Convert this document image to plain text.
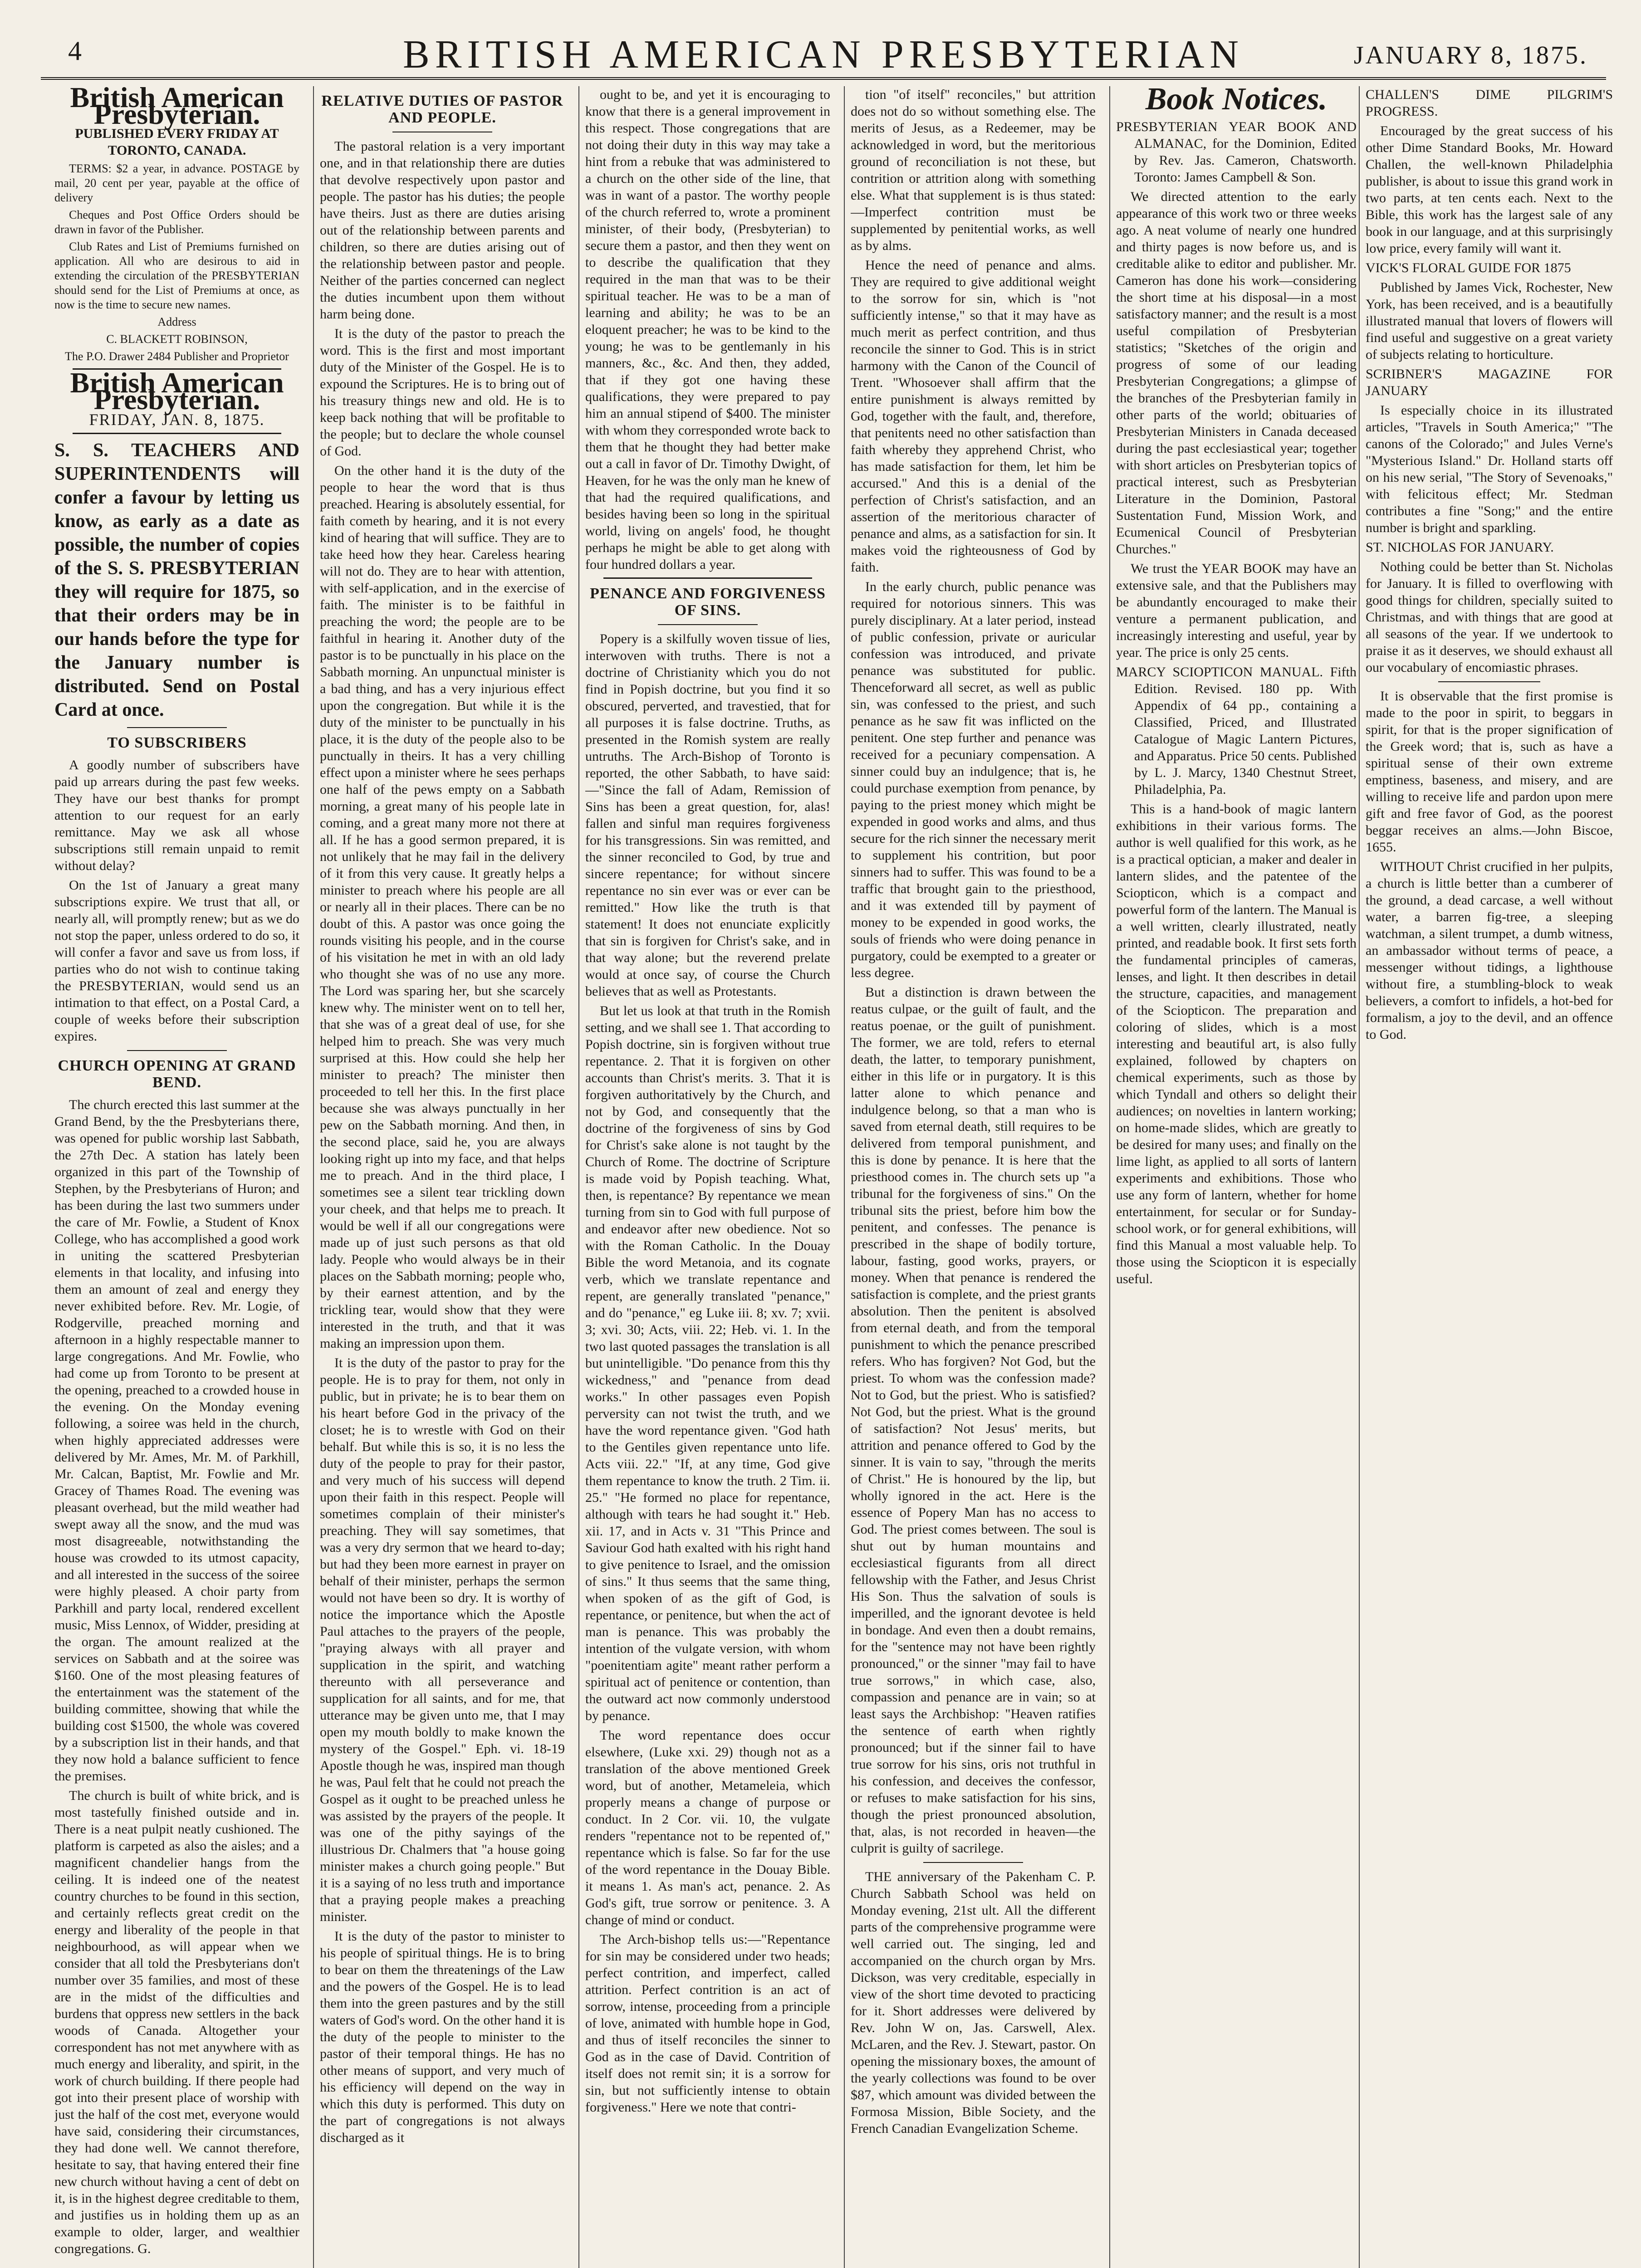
4	BRITISH AMERICAN PRESBYTERIAN	JANUARY 8, 1875.
British American Presbyterian.

PUBLISHED EVERY FRIDAY AT TORONTO, CANADA.

TERMS: $2 a year, in advance. POSTAGE by mail, 20 cent per year, payable at the office of delivery

Cheques and Post Office Orders should be drawn in favor of the Publisher.

Club Rates and List of Premiums furnished on application. All who are desirous to aid in extending the circulation of the PRESBYTERIAN should send for the List of Premiums at once, as now is the time to secure new names.

Address

C. BLACKETT ROBINSON,

The P.O. Drawer 2484 Publisher and Proprietor

British American Presbyterian.
FRIDAY, JAN. 8, 1875.

S. S. TEACHERS AND SUPERINTENDENTS will confer a favour by letting us know, as early as a date as possible, the number of copies of the S. S. PRESBYTERIAN they will require for 1875, so that their orders may be in our hands before the type for the January number is distributed. Send on Postal Card at once.

TO SUBSCRIBERS

A goodly number of subscribers have paid up arrears during the past few weeks. They have our best thanks for prompt attention to our request for an early remittance. May we ask all whose subscriptions still remain unpaid to remit without delay?

On the 1st of January a great many subscriptions expire. We trust that all, or nearly all, will promptly renew; but as we do not stop the paper, unless ordered to do so, it will confer a favor and save us from loss, if parties who do not wish to continue taking the PRESBYTERIAN, would send us an intimation to that effect, on a Postal Card, a couple of weeks before their subscription expires.

CHURCH OPENING AT GRAND BEND.

The church erected this last summer at the Grand Bend, by the the Presbyterians there, was opened for public worship last Sabbath, the 27th Dec. A station has lately been organized in this part of the Township of Stephen, by the Presbyterians of Huron; and has been during the last two summers under the care of Mr. Fowlie, a Student of Knox College, who has accomplished a good work in uniting the scattered Presbyterian elements in that locality, and infusing into them an amount of zeal and energy they never exhibited before. Rev. Mr. Logie, of Rodgerville, preached morning and afternoon in a highly respectable manner to large congregations. And Mr. Fowlie, who had come up from Toronto to be present at the opening, preached to a crowded house in the evening. On the Monday evening following, a soiree was held in the church, when highly appreciated addresses were delivered by Mr. Ames, Mr. M. of Parkhill, Mr. Calcan, Baptist, Mr. Fowlie and Mr. Gracey of Thames Road. The evening was pleasant overhead, but the mild weather had swept away all the snow, and the mud was most disagreeable, notwithstanding the house was crowded to its utmost capacity, and all interested in the success of the soiree were highly pleased. A choir party from Parkhill and party local, rendered excellent music, Miss Lennox, of Widder, presiding at the organ. The amount realized at the services on Sabbath and at the soiree was $160. One of the most pleasing features of the entertainment was the statement of the building committee, showing that while the building cost $1500, the whole was covered by a subscription list in their hands, and that they now hold a balance sufficient to fence the premises.

The church is built of white brick, and is most tastefully finished outside and in. There is a neat pulpit neatly cushioned. The platform is carpeted as also the aisles; and a magnificent chandelier hangs from the ceiling. It is indeed one of the neatest country churches to be found in this section, and certainly reflects great credit on the energy and liberality of the people in that neighbourhood, as will appear when we consider that all told the Presbyterians don't number over 35 families, and most of these are in the midst of the difficulties and burdens that oppress new settlers in the back woods of Canada. Altogether your correspondent has not met anywhere with as much energy and liberality, and spirit, in the work of church building. If there people had got into their present place of worship with just the half of the cost met, everyone would have said, considering their circumstances, they had done well. We cannot therefore, hesitate to say, that having entered their fine new church without having a cent of debt on it, is in the highest degree creditable to them, and justifies us in holding them up as an example to older, larger, and wealthier congregations. G.

RELATIVE DUTIES OF PASTOR AND PEOPLE.

The pastoral relation is a very important one, and in that relationship there are duties that devolve respectively upon pastor and people. The pastor has his duties; the people have theirs. Just as there are duties arising out of the relationship between parents and children, so there are duties arising out of the relationship between pastor and people. Neither of the parties concerned can neglect the duties incumbent upon them without harm being done.

It is the duty of the pastor to preach the word. This is the first and most important duty of the Minister of the Gospel. He is to expound the Scriptures. He is to bring out of his treasury things new and old. He is to keep back nothing that will be profitable to the people; but to declare the whole counsel of God.

On the other hand it is the duty of the people to hear the word that is thus preached. Hearing is absolutely essential, for faith cometh by hearing, and it is not every kind of hearing that will suffice. They are to take heed how they hear. Careless hearing will not do. They are to hear with attention, with self-application, and in the exercise of faith. The minister is to be faithful in preaching the word; the people are to be faithful in hearing it. Another duty of the pastor is to be punctually in his place on the Sabbath morning. An unpunctual minister is a bad thing, and has a very injurious effect upon the congregation. But while it is the duty of the minister to be punctually in his place, it is the duty of the people also to be punctually in theirs. It has a very chilling effect upon a minister where he sees perhaps one half of the pews empty on a Sabbath morning, a great many of his people late in coming, and a great many more not there at all. If he has a good sermon prepared, it is not unlikely that he may fail in the delivery of it from this very cause. It greatly helps a minister to preach where his people are all or nearly all in their places. There can be no doubt of this. A pastor was once going the rounds visiting his people, and in the course of his visitation he met in with an old lady who thought she was of no use any more. The Lord was sparing her, but she scarcely knew why. The minister went on to tell her, that she was of a great deal of use, for she helped him to preach. She was very much surprised at this. How could she help her minister to preach? The minister then proceeded to tell her this. In the first place because she was always punctually in her pew on the Sabbath morning. And then, in the second place, said he, you are always looking right up into my face, and that helps me to preach. And in the third place, I sometimes see a silent tear trickling down your cheek, and that helps me to preach. It would be well if all our congregations were made up of just such persons as that old lady. People who would always be in their places on the Sabbath morning; people who, by their earnest attention, and by the trickling tear, would show that they were interested in the truth, and that it was making an impression upon them.

It is the duty of the pastor to pray for the people. He is to pray for them, not only in public, but in private; he is to bear them on his heart before God in the privacy of the closet; he is to wrestle with God on their behalf. But while this is so, it is no less the duty of the people to pray for their pastor, and very much of his success will depend upon their faith in this respect. People will sometimes complain of their minister's preaching. They will say sometimes, that was a very dry sermon that we heard to-day; but had they been more earnest in prayer on behalf of their minister, perhaps the sermon would not have been so dry. It is worthy of notice the importance which the Apostle Paul attaches to the prayers of the people, "praying always with all prayer and supplication in the spirit, and watching thereunto with all perseverance and supplication for all saints, and for me, that utterance may be given unto me, that I may open my mouth boldly to make known the mystery of the Gospel." Eph. vi. 18-19 Apostle though he was, inspired man though he was, Paul felt that he could not preach the Gospel as it ought to be preached unless he was assisted by the prayers of the people. It was one of the pithy sayings of the illustrious Dr. Chalmers that "a house going minister makes a church going people." But it is a saying of no less truth and importance that a praying people makes a preaching minister.

It is the duty of the pastor to minister to his people of spiritual things. He is to bring to bear on them the threatenings of the Law and the powers of the Gospel. He is to lead them into the green pastures and by the still waters of God's word. On the other hand it is the duty of the people to minister to the pastor of their temporal things. He has no other means of support, and very much of his efficiency will depend on the way in which this duty is performed. This duty on the part of congregations is not always discharged as it

ought to be, and yet it is encouraging to know that there is a general improvement in this respect. Those congregations that are not doing their duty in this way may take a hint from a rebuke that was administered to a church on the other side of the line, that was in want of a pastor. The worthy people of the church referred to, wrote a prominent minister, of their body, (Presbyterian) to secure them a pastor, and then they went on to describe the qualification that they required in the man that was to be their spiritual teacher. He was to be a man of learning and ability; he was to be an eloquent preacher; he was to be kind to the young; he was to be gentlemanly in his manners, &c., &c. And then, they added, that if they got one having these qualifications, they were prepared to pay him an annual stipend of $400. The minister with whom they corresponded wrote back to them that he thought they had better make out a call in favor of Dr. Timothy Dwight, of Heaven, for he was the only man he knew of that had the required qualifications, and besides having been so long in the spiritual world, living on angels' food, he thought perhaps he might be able to get along with four hundred dollars a year.

PENANCE AND FORGIVENESS OF SINS.

Popery is a skilfully woven tissue of lies, interwoven with truths. There is not a doctrine of Christianity which you do not find in Popish doctrine, but you find it so obscured, perverted, and travestied, that for all purposes it is false doctrine. Truths, as presented in the Romish system are really untruths. The Arch-Bishop of Toronto is reported, the other Sabbath, to have said:—"Since the fall of Adam, Remission of Sins has been a great question, for, alas! fallen and sinful man requires forgiveness for his transgressions. Sin was remitted, and the sinner reconciled to God, by true and sincere repentance; for without sincere repentance no sin ever was or ever can be remitted." How like the truth is that statement! It does not enunciate explicitly that sin is forgiven for Christ's sake, and in that way alone; but the reverend prelate would at once say, of course the Church believes that as well as Protestants.

But let us look at that truth in the Romish setting, and we shall see 1. That according to Popish doctrine, sin is forgiven without true repentance. 2. That it is forgiven on other accounts than Christ's merits. 3. That it is forgiven authoritatively by the Church, and not by God, and consequently that the doctrine of the forgiveness of sins by God for Christ's sake alone is not taught by the Church of Rome. The doctrine of Scripture is made void by Popish teaching. What, then, is repentance? By repentance we mean turning from sin to God with full purpose of and endeavor after new obedience. Not so with the Roman Catholic. In the Douay Bible the word Metanoia, and its cognate verb, which we translate repentance and repent, are generally translated "penance," and do "penance," eg Luke iii. 8; xv. 7; xvii. 3; xvi. 30; Acts, viii. 22; Heb. vi. 1. In the two last quoted passages the translation is all but unintelligible. "Do penance from this thy wickedness," and "penance from dead works." In other passages even Popish perversity can not twist the truth, and we have the word repentance given. "God hath to the Gentiles given repentance unto life. Acts viii. 22." "If, at any time, God give them repentance to know the truth. 2 Tim. ii. 25." "He formed no place for repentance, although with tears he had sought it." Heb. xii. 17, and in Acts v. 31 "This Prince and Saviour God hath exalted with his right hand to give penitence to Israel, and the omission of sins." It thus seems that the same thing, when spoken of as the gift of God, is repentance, or penitence, but when the act of man is penance. This was probably the intention of the vulgate version, with whom "poenitentiam agite" meant rather perform a spiritual act of penitence or contention, than the outward act now commonly understood by penance.

The word repentance does occur elsewhere, (Luke xxi. 29) though not as a translation of the above mentioned Greek word, but of another, Metameleia, which properly means a change of purpose or conduct. In 2 Cor. vii. 10, the vulgate renders "repentance not to be repented of," repentance which is false. So far for the use of the word repentance in the Douay Bible. it means 1. As man's act, penance. 2. As God's gift, true sorrow or penitence. 3. A change of mind or conduct.

The Arch-bishop tells us:—"Repentance for sin may be considered under two heads; perfect contrition, and imperfect, called attrition. Perfect contrition is an act of sorrow, intense, proceeding from a principle of love, animated with humble hope in God, and thus of itself reconciles the sinner to God as in the case of David. Contrition of itself does not remit sin; it is a sorrow for sin, but not sufficiently intense to obtain forgiveness." Here we note that contri-

tion "of itself" reconciles," but attrition does not do so without something else. The merits of Jesus, as a Redeemer, may be acknowledged in word, but the meritorious ground of reconciliation is not these, but contrition or attrition along with something else. What that supplement is is thus stated:—Imperfect contrition must be supplemented by penitential works, as well as by alms.

Hence the need of penance and alms. They are required to give additional weight to the sorrow for sin, which is "not sufficiently intense," so that it may have as much merit as perfect contrition, and thus reconcile the sinner to God. This is in strict harmony with the Canon of the Council of Trent. "Whosoever shall affirm that the entire punishment is always remitted by God, together with the fault, and, therefore, that penitents need no other satisfaction than faith whereby they apprehend Christ, who has made satisfaction for them, let him be accursed." And this is a denial of the perfection of Christ's satisfaction, and an assertion of the meritorious character of penance and alms, as a satisfaction for sin. It makes void the righteousness of God by faith.

In the early church, public penance was required for notorious sinners. This was purely disciplinary. At a later period, instead of public confession, private or auricular confession was introduced, and private penance was substituted for public. Thenceforward all secret, as well as public sin, was confessed to the priest, and such penance as he saw fit was inflicted on the penitent. One step further and penance was received for a pecuniary compensation. A sinner could buy an indulgence; that is, he could purchase exemption from penance, by paying to the priest money which might be expended in good works and alms, and thus secure for the rich sinner the necessary merit to supplement his contrition, but poor sinners had to suffer. This was found to be a traffic that brought gain to the priesthood, and it was extended till by payment of money to be expended in good works, the souls of friends who were doing penance in purgatory, could be exempted to a greater or less degree.

But a distinction is drawn between the reatus culpae, or the guilt of fault, and the reatus poenae, or the guilt of punishment. The former, we are told, refers to eternal death, the latter, to temporary punishment, either in this life or in purgatory. It is this latter alone to which penance and indulgence belong, so that a man who is saved from eternal death, still requires to be delivered from temporal punishment, and this is done by penance. It is here that the priesthood comes in. The church sets up "a tribunal for the forgiveness of sins." On the tribunal sits the priest, before him bow the penitent, and confesses. The penance is prescribed in the shape of bodily torture, labour, fasting, good works, prayers, or money. When that penance is rendered the satisfaction is complete, and the priest grants absolution. Then the penitent is absolved from eternal death, and from the temporal punishment to which the penance prescribed refers. Who has forgiven? Not God, but the priest. To whom was the confession made? Not to God, but the priest. Who is satisfied? Not God, but the priest. What is the ground of satisfaction? Not Jesus' merits, but attrition and penance offered to God by the sinner. It is vain to say, "through the merits of Christ." He is honoured by the lip, but wholly ignored in the act. Here is the essence of Popery Man has no access to God. The priest comes between. The soul is shut out by human mountains and ecclesiastical figurants from all direct fellowship with the Father, and Jesus Christ His Son. Thus the salvation of souls is imperilled, and the ignorant devotee is held in bondage. And even then a doubt remains, for the "sentence may not have been rightly pronounced," or the sinner "may fail to have true sorrows," in which case, also, compassion and penance are in vain; so at least says the Archbishop: "Heaven ratifies the sentence of earth when rightly pronounced; but if the sinner fail to have true sorrow for his sins, oris not truthful in his confession, and deceives the confessor, or refuses to make satisfaction for his sins, though the priest pronounced absolution, that, alas, is not recorded in heaven—the culprit is guilty of sacrilege.

THE anniversary of the Pakenham C. P. Church Sabbath School was held on Monday evening, 21st ult. All the different parts of the comprehensive programme were well carried out. The singing, led and accompanied on the church organ by Mrs. Dickson, was very creditable, especially in view of the short time devoted to practicing for it. Short addresses were delivered by Rev. John W on, Jas. Carswell, Alex. McLaren, and the Rev. J. Stewart, pastor. On opening the missionary boxes, the amount of the yearly collections was found to be over $87, which amount was divided between the Formosa Mission, Bible Society, and the French Canadian Evangelization Scheme.

Book Notices.

PRESBYTERIAN YEAR BOOK AND ALMANAC, for the Dominion, Edited by Rev. Jas. Cameron, Chatsworth. Toronto: James Campbell & Son.

We directed attention to the early appearance of this work two or three weeks ago. A neat volume of nearly one hundred and thirty pages is now before us, and is creditable alike to editor and publisher. Mr. Cameron has done his work—considering the short time at his disposal—in a most satisfactory manner; and the result is a most useful compilation of Presbyterian statistics; "Sketches of the origin and progress of some of our leading Presbyterian Congregations; a glimpse of the branches of the Presbyterian family in other parts of the world; obituaries of Presbyterian Ministers in Canada deceased during the past ecclesiastical year; together with short articles on Presbyterian topics of practical interest, such as Presbyterian Literature in the Dominion, Pastoral Sustentation Fund, Mission Work, and Ecumenical Council of Presbyterian Churches."

We trust the YEAR BOOK may have an extensive sale, and that the Publishers may be abundantly encouraged to make their venture a permanent publication, and increasingly interesting and useful, year by year. The price is only 25 cents.

MARCY SCIOPTICON MANUAL. Fifth Edition. Revised. 180 pp. With Appendix of 64 pp., containing a Classified, Priced, and Illustrated Catalogue of Magic Lantern Pictures, and Apparatus. Price 50 cents. Published by L. J. Marcy, 1340 Chestnut Street, Philadelphia, Pa.

This is a hand-book of magic lantern exhibitions in their various forms. The author is well qualified for this work, as he is a practical optician, a maker and dealer in lantern slides, and the patentee of the Sciopticon, which is a compact and powerful form of the lantern. The Manual is a well written, clearly illustrated, neatly printed, and readable book. It first sets forth the fundamental principles of cameras, lenses, and light. It then describes in detail the structure, capacities, and management of the Sciopticon. The preparation and coloring of slides, which is a most interesting and beautiful art, is also fully explained, followed by chapters on chemical experiments, such as those by which Tyndall and others so delight their audiences; on novelties in lantern working; on home-made slides, which are greatly to be desired for many uses; and finally on the lime light, as applied to all sorts of lantern experiments and exhibitions. Those who use any form of lantern, whether for home entertainment, for secular or for Sunday-school work, or for general exhibitions, will find this Manual a most valuable help. To those using the Sciopticon it is especially useful.

CHALLEN'S DIME PILGRIM'S PROGRESS.

Encouraged by the great success of his other Dime Standard Books, Mr. Howard Challen, the well-known Philadelphia publisher, is about to issue this grand work in two parts, at ten cents each. Next to the Bible, this work has the largest sale of any book in our language, and at this surprisingly low price, every family will want it.

VICK'S FLORAL GUIDE FOR 1875

Published by James Vick, Rochester, New York, has been received, and is a beautifully illustrated manual that lovers of flowers will find useful and suggestive on a great variety of subjects relating to horticulture.

SCRIBNER'S MAGAZINE FOR JANUARY

Is especially choice in its illustrated articles, "Travels in South America;" "The canons of the Colorado;" and Jules Verne's "Mysterious Island." Dr. Holland starts off on his new serial, "The Story of Sevenoaks," with felicitous effect; Mr. Stedman contributes a fine "Song;" and the entire number is bright and sparkling.

ST. NICHOLAS FOR JANUARY.

Nothing could be better than St. Nicholas for January. It is filled to overflowing with good things for children, specially suited to Christmas, and with things that are good at all seasons of the year. If we undertook to praise it as it deserves, we should exhaust all our vocabulary of encomiastic phrases.

It is observable that the first promise is made to the poor in spirit, to beggars in spirit, for that is the proper signification of the Greek word; that is, such as have a spiritual sense of their own extreme emptiness, baseness, and misery, and are willing to receive life and pardon upon mere gift and free favor of God, as the poorest beggar receives an alms.—John Biscoe, 1655.

WITHOUT Christ crucified in her pulpits, a church is little better than a cumberer of the ground, a dead carcase, a well without water, a barren fig-tree, a sleeping watchman, a silent trumpet, a dumb witness, an ambassador without terms of peace, a messenger without tidings, a lighthouse without fire, a stumbling-block to weak believers, a comfort to infidels, a hot-bed for formalism, a joy to the devil, and an offence to God.
